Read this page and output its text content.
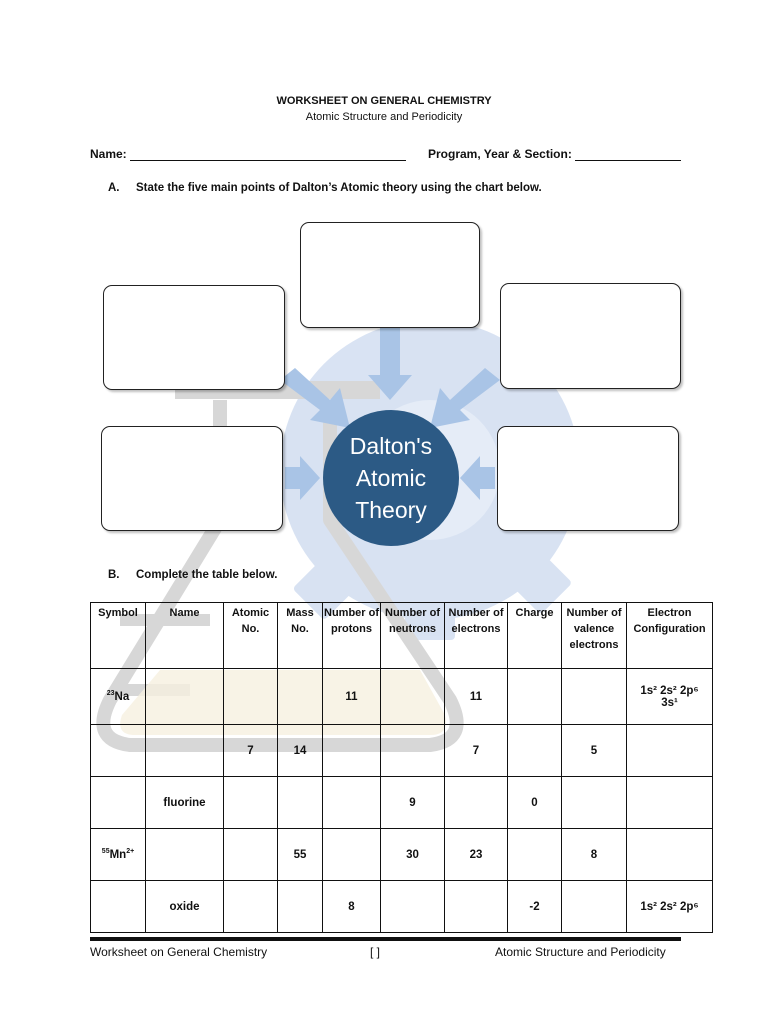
WORKSHEET ON GENERAL CHEMISTRY
Atomic Structure and Periodicity
Name:	Program, Year & Section:
A. State the five main points of Dalton’s Atomic theory using the chart below.
Dalton's
Atomic
Theory
B. Complete the table below.
Symbol	Name	Atomic No.	Mass No.	Number of protons	Number of neutrons	Number of electrons	Charge	Number of valence electrons	Electron Configuration
$^{23}$Na				11		11			1s² 2s² 2p⁶
3s¹

		7	14			7		5	

	fluorine				9		0		

$^{55}Mn^{2+}$			55		30	23		8	

	oxide			8			-2		1s² 2s² 2p⁶
Worksheet on General Chemistry	[ ]	Atomic Structure and Periodicity
